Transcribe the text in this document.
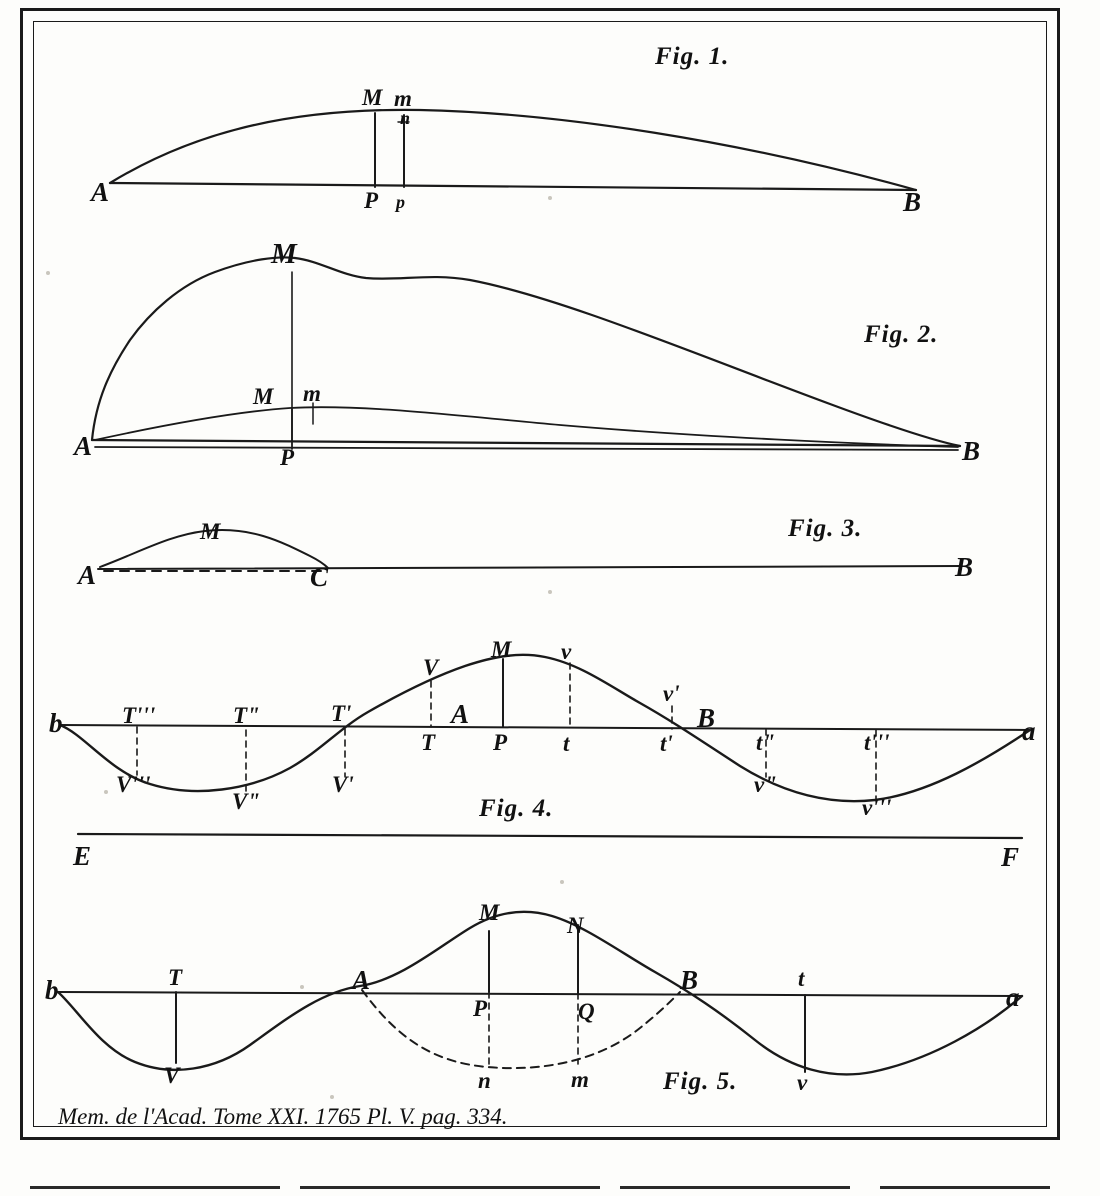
Fig. 1.
A	B
M m
n
P p
Fig. 2.
A	B
M
M m
P
Fig. 3.
A	B
C
M
Fig. 4.
a
b	A	B
M
P
V
T
v
t
T'
V'
v'
t'
T"
V"
t"
v"
T'''
V'''
t'''
v'''
E	F
Fig. 5.
a
b	A	B
M
N
P	Q
T
V
t
v
n	m
Mem. de l'Acad. Tome XXI. 1765 Pl. V. pag. 334.
